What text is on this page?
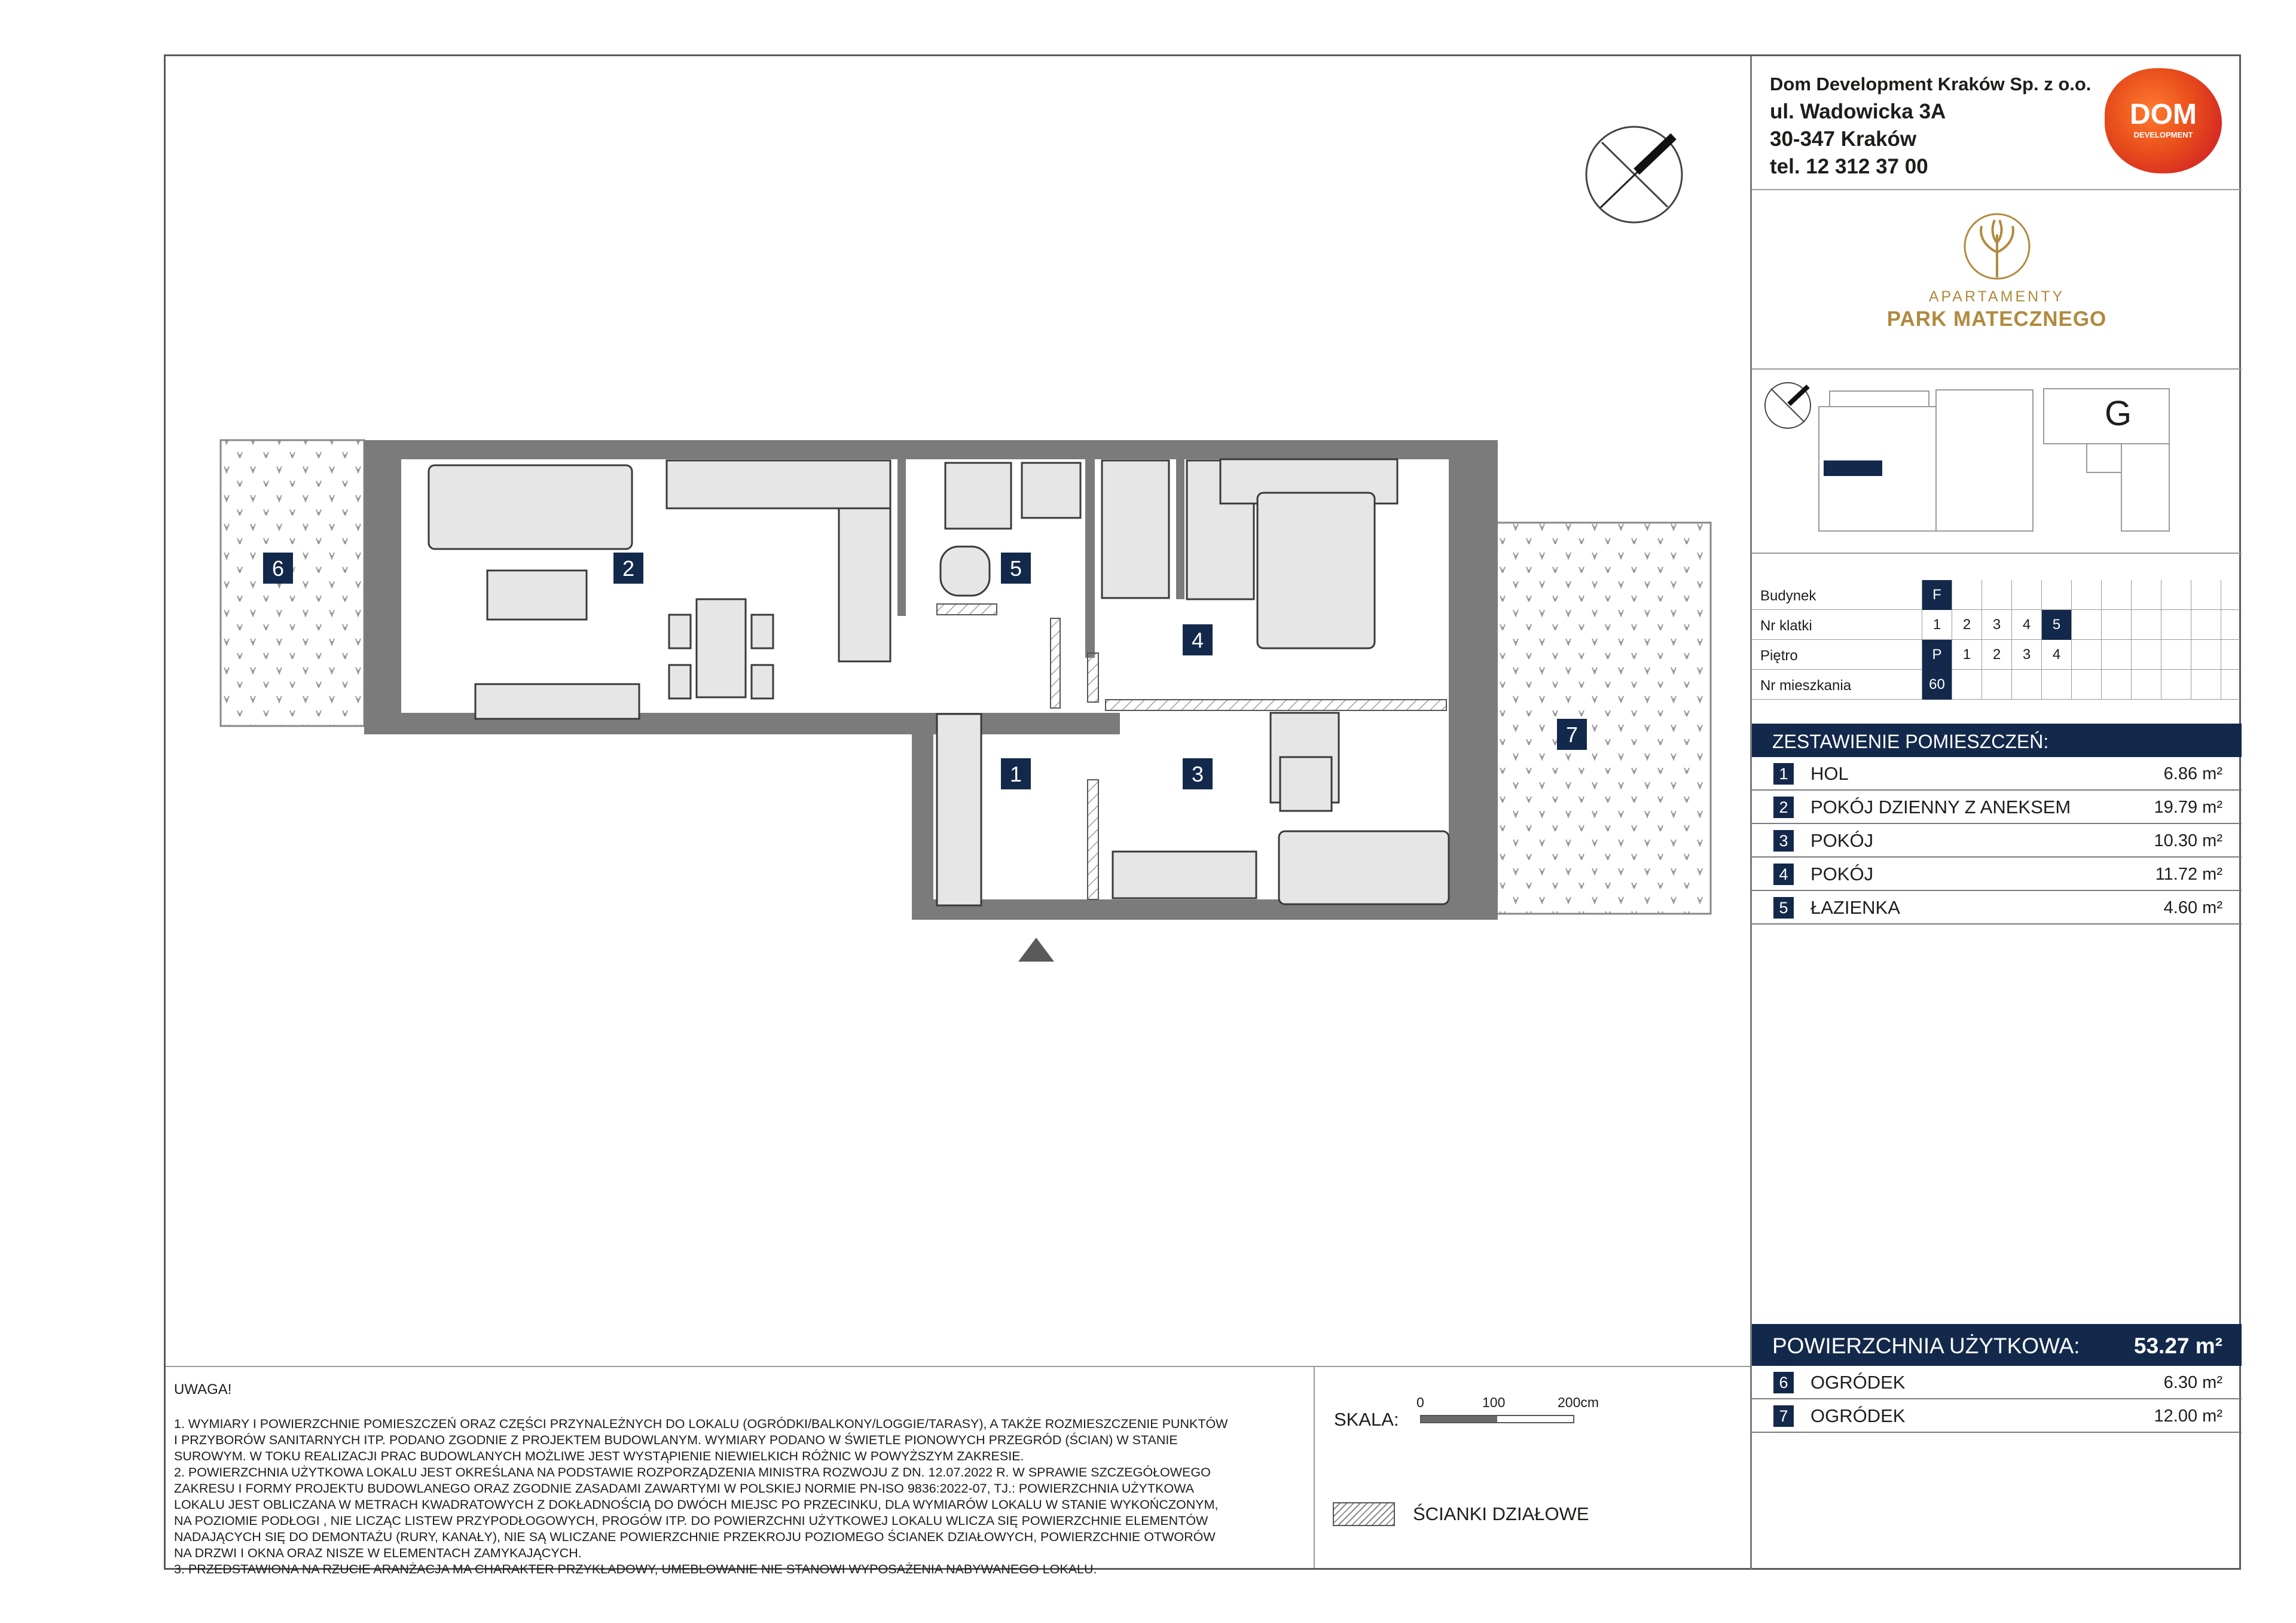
1
2
3
4
5
6
7
UWAGA!
1. WYMIARY I POWIERZCHNIE POMIESZCZEŃ ORAZ CZĘŚCI PRZYNALEŻNYCH DO LOKALU (OGRÓDKI/BALKONY/LOGGIE/TARASY), A TAKŻE ROZMIESZCZENIE PUNKTÓW
I PRZYBORÓW SANITARNYCH ITP. PODANO ZGODNIE Z PROJEKTEM BUDOWLANYM. WYMIARY PODANO W ŚWIETLE PIONOWYCH PRZEGRÓD (ŚCIAN) W STANIE
SUROWYM. W TOKU REALIZACJI PRAC BUDOWLANYCH MOŻLIWE JEST WYSTĄPIENIE NIEWIELKICH RÓŻNIC W POWYŻSZYM ZAKRESIE.
2. POWIERZCHNIA UŻYTKOWA LOKALU JEST OKREŚLANA NA PODSTAWIE ROZPORZĄDZENIA MINISTRA ROZWOJU Z DN. 12.07.2022 R. W SPRAWIE SZCZEGÓŁOWEGO
ZAKRESU I FORMY PROJEKTU BUDOWLANEGO ORAZ ZGODNIE ZASADAMI ZAWARTYMI W POLSKIEJ NORMIE PN-ISO 9836:2022-07, TJ.: POWIERZCHNIA UŻYTKOWA
LOKALU JEST OBLICZANA W METRACH KWADRATOWYCH Z DOKŁADNOŚCIĄ DO DWÓCH MIEJSC PO PRZECINKU, DLA WYMIARÓW LOKALU W STANIE WYKOŃCZONYM,
NA POZIOMIE PODŁOGI , NIE LICZĄC LISTEW PRZYPODŁOGOWYCH, PROGÓW ITP. DO POWIERZCHNI UŻYTKOWEJ LOKALU WLICZA SIĘ POWIERZCHNIE ELEMENTÓW
NADAJĄCYCH SIĘ DO DEMONTAŻU (RURY, KANAŁY), NIE SĄ WLICZANE POWIERZCHNIE PRZEKROJU POZIOMEGO ŚCIANEK DZIAŁOWYCH, POWIERZCHNIE OTWORÓW
NA DRZWI I OKNA ORAZ NISZE W ELEMENTACH ZAMYKAJĄCYCH.
3. PRZEDSTAWIONA NA RZUCIE ARANŻACJA MA CHARAKTER PRZYKŁADOWY, UMEBLOWANIE NIE STANOWI WYPOSAŻENIA NABYWANEGO LOKALU.
SKALA:
0	100	200cm
ŚCIANKI DZIAŁOWE
Dom Development Kraków Sp. z o.o.
ul. Wadowicka 3A
30-347 Kraków
tel. 12 312 37 00
DOM
DEVELOPMENT
APARTAMENTY
PARK MATECZNEGO
G
Budynek	F
Nr klatki	1	2	3	4	5
Piętro	P	1	2	3	4
Nr mieszkania	60
ZESTAWIENIE POMIESZCZEŃ:
1	HOL	6.86 m²
2	POKÓJ DZIENNY Z ANEKSEM	19.79 m²
3	POKÓJ	10.30 m²
4	POKÓJ	11.72 m²
5	ŁAZIENKA	4.60 m²
POWIERZCHNIA UŻYTKOWA: 53.27 m²
6	OGRÓDEK	6.30 m²
7	OGRÓDEK	12.00 m²
